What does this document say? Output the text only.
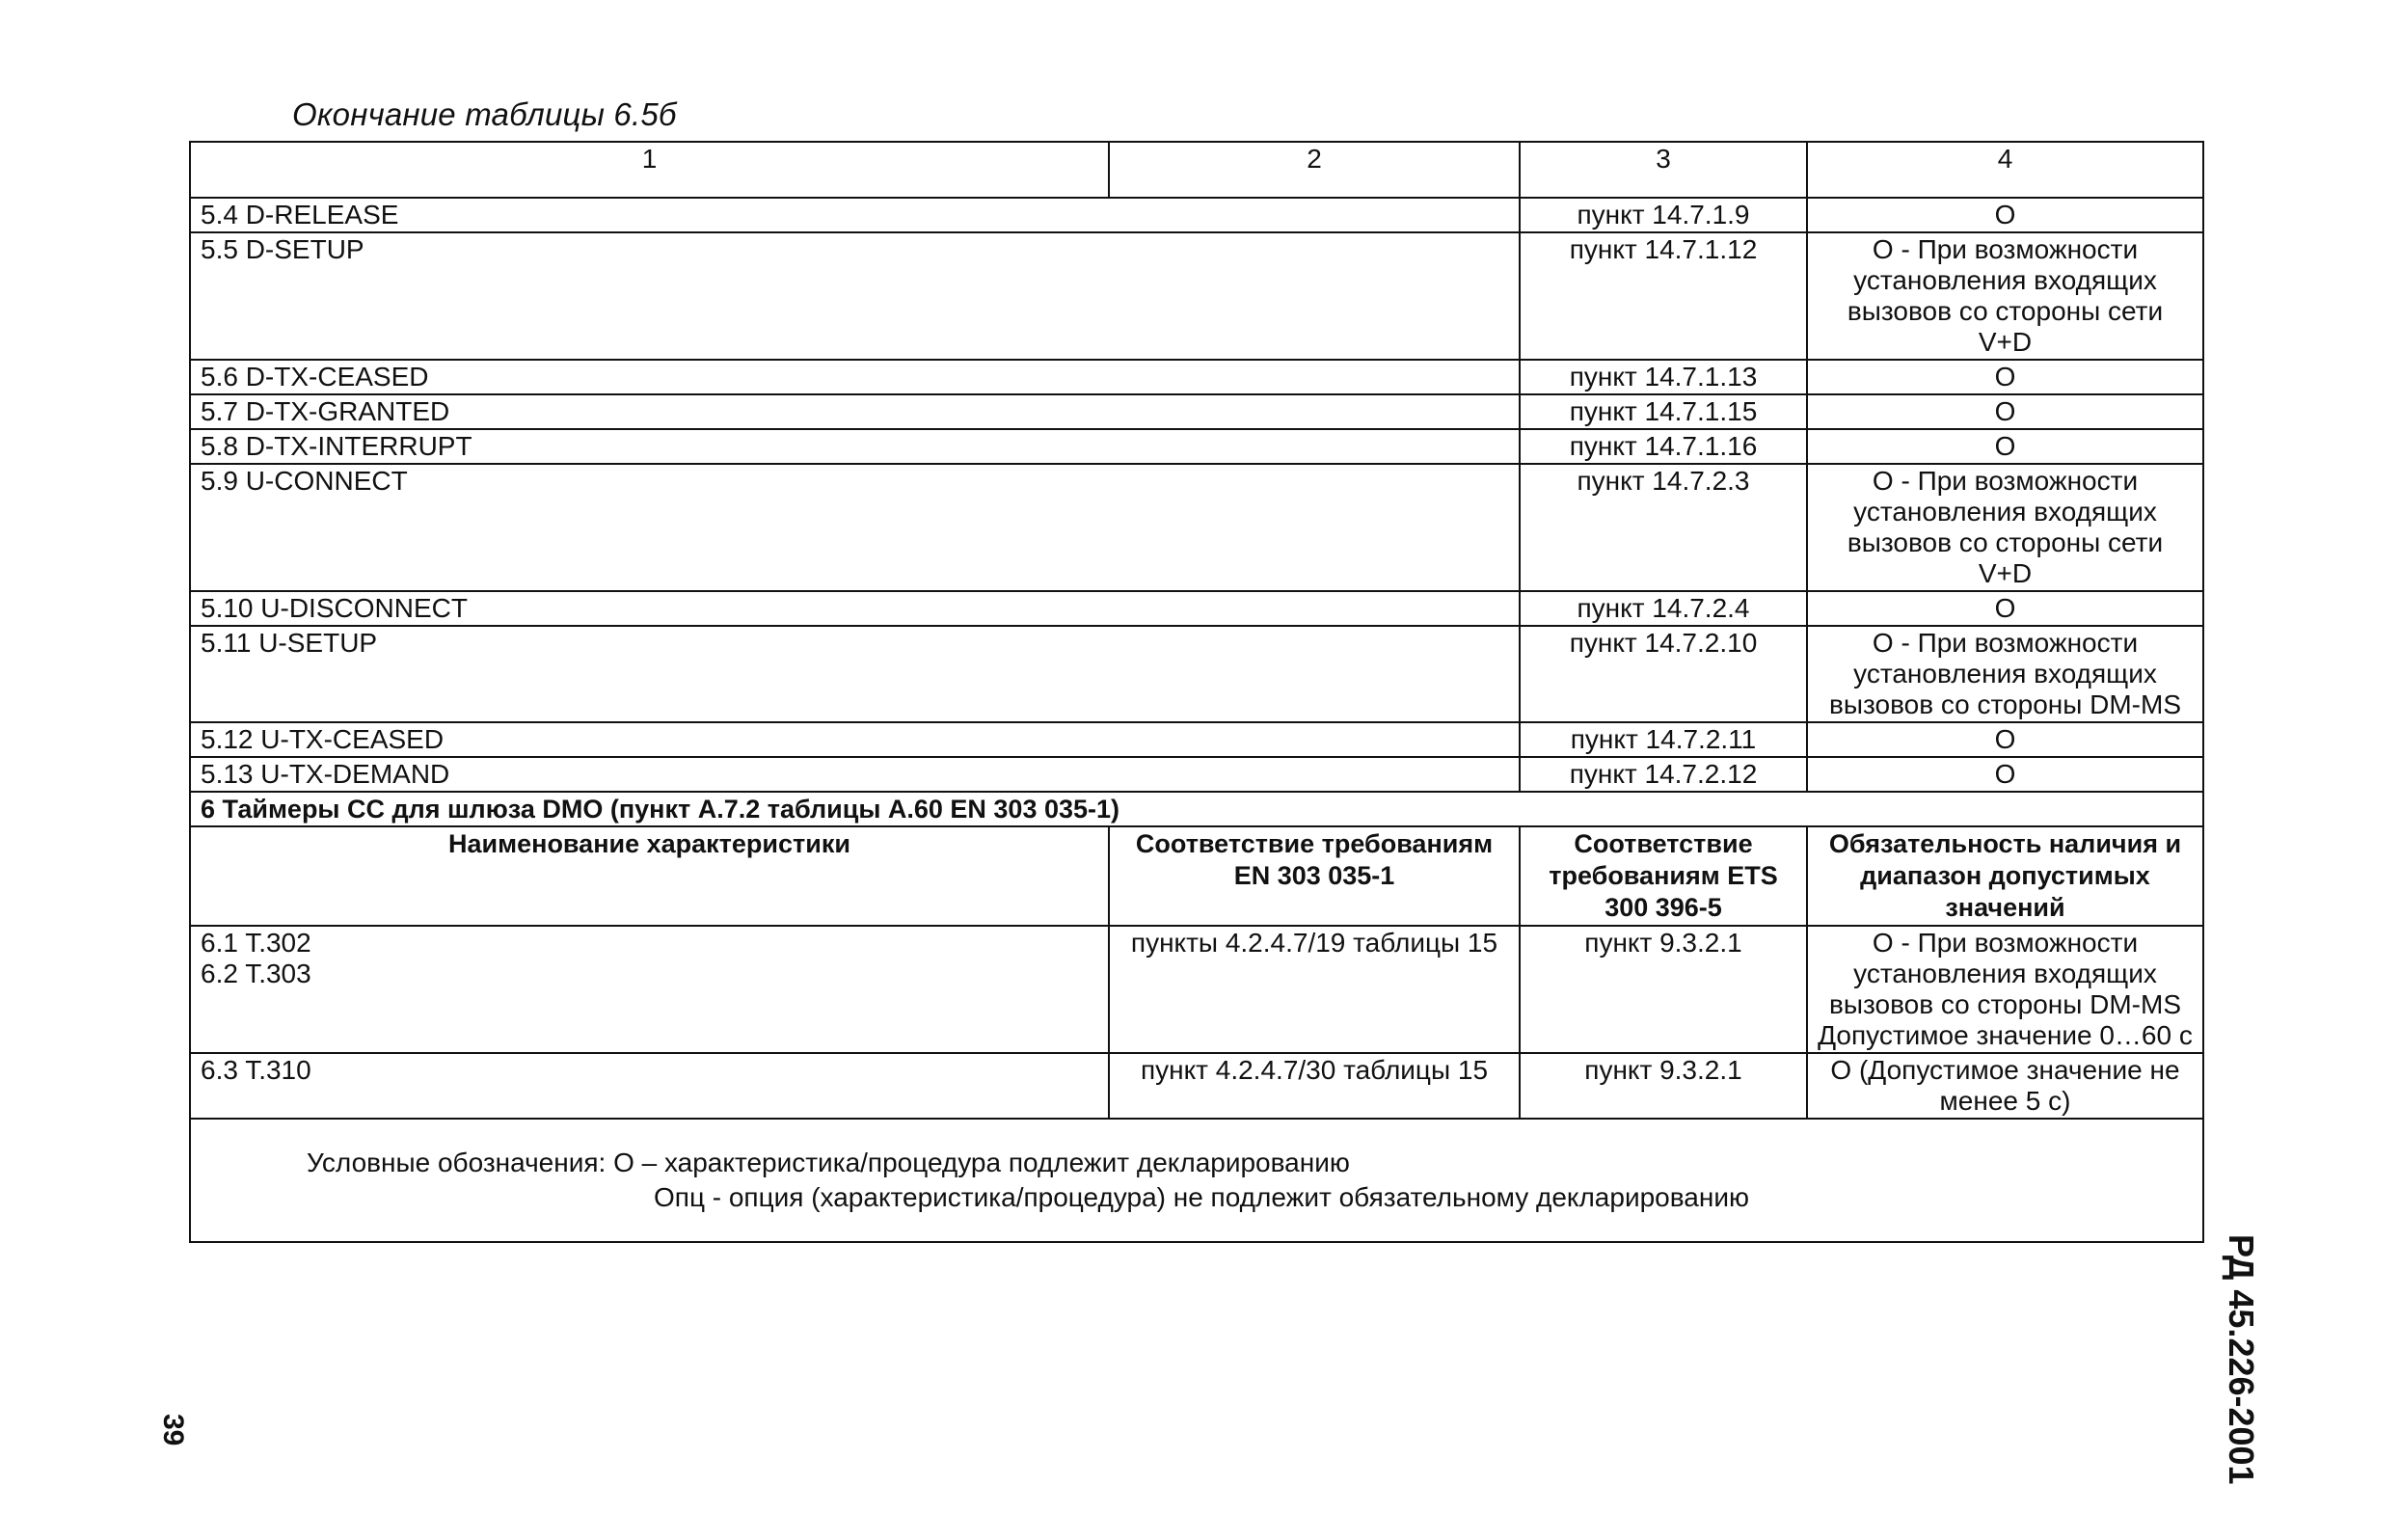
Окончание таблицы 6.5б
1	2	3	4
5.4 D-RELEASE		пункт 14.7.1.9	O
5.5 D-SETUP		пункт 14.7.1.12	O - При возможности установления входящих вызовов со стороны сети V+D
5.6 D-TX-CEASED		пункт 14.7.1.13	O
5.7 D-TX-GRANTED		пункт 14.7.1.15	O
5.8 D-TX-INTERRUPT		пункт 14.7.1.16	O
5.9 U-CONNECT		пункт 14.7.2.3	O - При возможности установления входящих вызовов со стороны сети V+D
5.10 U-DISCONNECT		пункт 14.7.2.4	O
5.11 U-SETUP		пункт 14.7.2.10	O - При возможности установления входящих вызовов со стороны DM-MS
5.12 U-TX-CEASED		пункт 14.7.2.11	O
5.13 U-TX-DEMAND		пункт 14.7.2.12	O
6 Таймеры СС для шлюза DMO (пункт А.7.2 таблицы А.60 EN 303 035-1)			
Наименование характеристики	Соответствие требованиям EN 303 035-1	Соответствие требованиям ETS 300 396-5	Обязательность наличия и диапазон допустимых значений

6.1 T.302
6.2 T.303	пункты 4.2.4.7/19 таблицы 15	пункт 9.3.2.1	O - При возможности установления входящих вызовов со стороны DM-MS Допустимое значение 0…60 с
6.3 T.310	пункт 4.2.4.7/30 таблицы 15	пункт 9.3.2.1	O (Допустимое значение не менее 5 с)

Условные обозначения: О – характеристика/процедура подлежит декларированию
Опц - опция (характеристика/процедура) не подлежит обязательному декларированию			
РД 45.226-2001
39
